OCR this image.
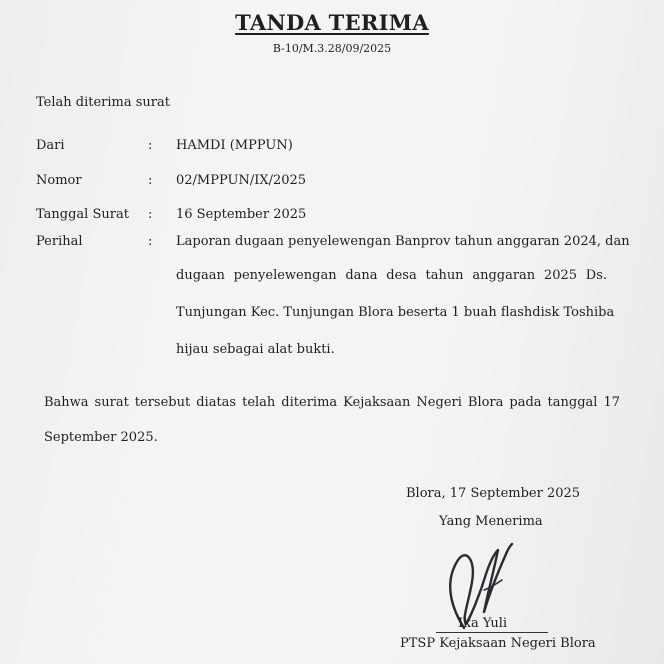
TANDA TERIMA
B-10/M.3.28/09/2025
Telah diterima surat
Dari	: HAMDI (MPPUN)
Nomor	: 02/MPPUN/IX/2025
Tanggal Surat : 16 September 2025
Perihal	: Laporan dugaan penyelewengan Banprov tahun anggaran 2024, dan
dugaan penyelewengan dana desa tahun anggaran 2025 Ds.
Tunjungan Kec. Tunjungan Blora beserta 1 buah flashdisk Toshiba
hijau sebagai alat bukti.
Bahwa surat tersebut diatas telah diterima Kejaksaan Negeri Blora pada tanggal 17
September 2025.
Blora, 17 September 2025
Yang Menerima
Ika Yuli
PTSP Kejaksaan Negeri Blora
